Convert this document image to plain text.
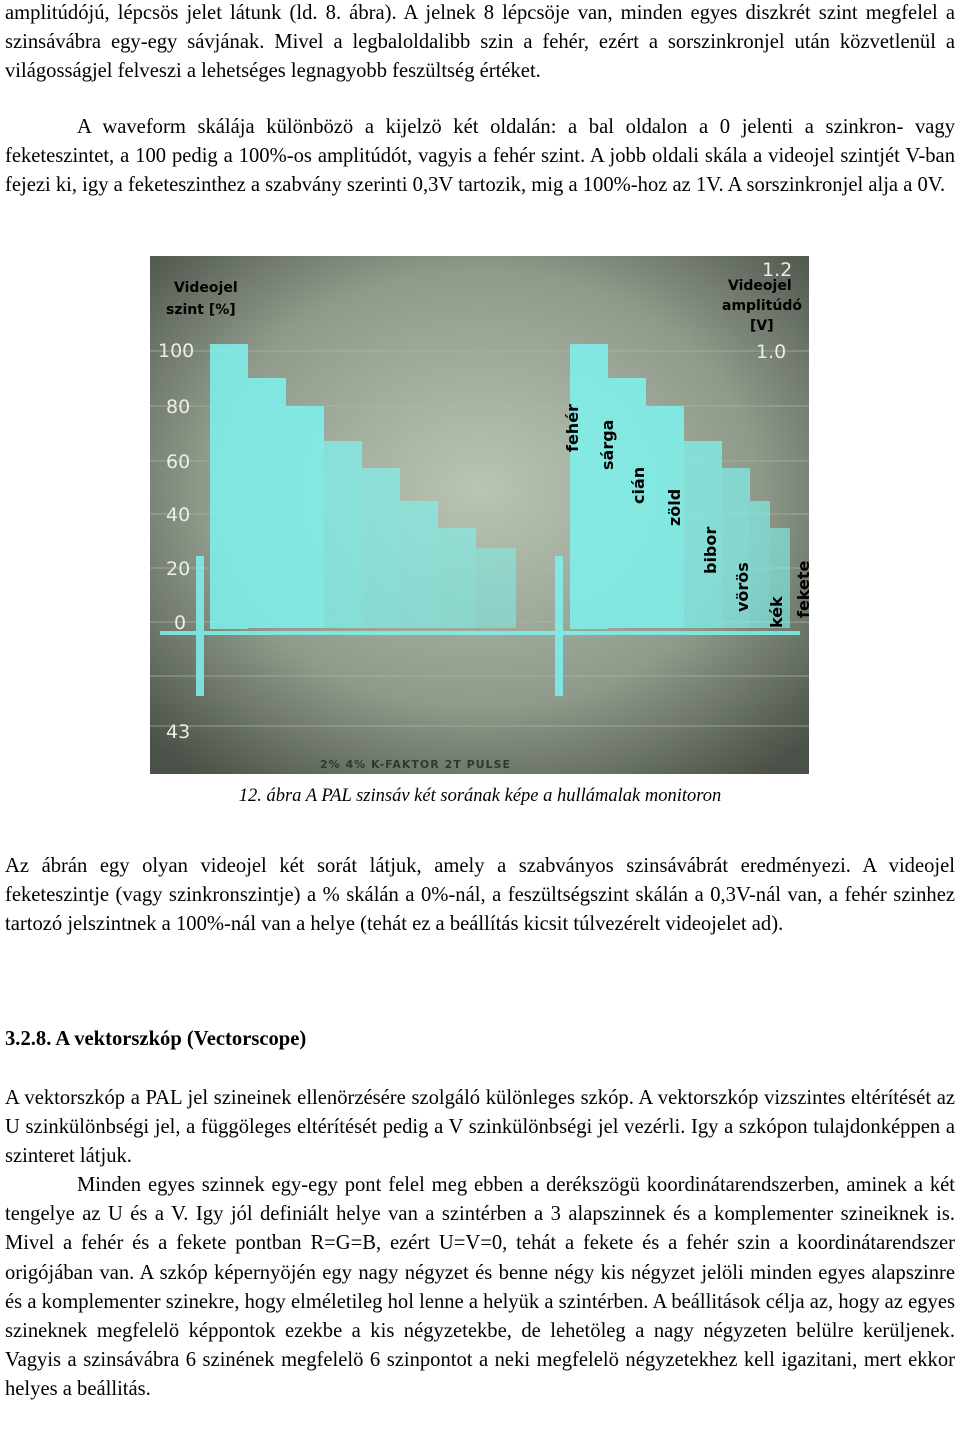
amplitúdójú, lépcsös jelet látunk (ld. 8. ábra). A jelnek 8 lépcsöje van, minden egyes diszkrét szint megfelel a szinsávábra egy-egy sávjának. Mivel a legbaloldalibb szin a fehér, ezért a sorszinkronjel után közvetlenül a világosságjel felveszi a lehetséges legnagyobb feszültség értéket.

A waveform skálája különbözö a kijelzö két oldalán: a bal oldalon a 0 jelenti a szinkron- vagy feketeszintet, a 100 pedig a 100%-os amplitúdót, vagyis a fehér szint. A jobb oldali skála a videojel szintjét V-ban fejezi ki, igy a feketeszinthez a szabvány szerinti 0,3V tartozik, mig a 100%-hoz az 1V. A sorszinkronjel alja a 0V.

Videojel
szint [%]
Videojel
amplitúdó
[V]
100
80
60
40
20
0
43
1.2
1.0
2% 4% K-FAKTOR 2T PULSE
fehér sárga
cián
zöld
bibor
vörös
kék fekete
12. ábra A PAL szinsáv két sorának képe a hullámalak monitoron

Az ábrán egy olyan videojel két sorát látjuk, amely a szabványos szinsávábrát eredményezi. A videojel feketeszintje (vagy szinkronszintje) a % skálán a 0%-nál, a feszültségszint skálán a 0,3V-nál van, a fehér szinhez tartozó jelszintnek a 100%-nál van a helye (tehát ez a beállítás kicsit túlvezérelt videojelet ad).

3.2.8. A vektorszkóp (Vectorscope)

A vektorszkóp a PAL jel szineinek ellenörzésére szolgáló különleges szkóp. A vektorszkóp vizszintes eltérítését az U szinkülönbségi jel, a függöleges eltérítését pedig a V szinkülönbségi jel vezérli. Igy a szkópon tulajdonképpen a szinteret látjuk.

Minden egyes szinnek egy-egy pont felel meg ebben a derékszögü koordinátarendszerben, aminek a két tengelye az U és a V. Igy jól definiált helye van a szintérben a 3 alapszinnek és a komplementer szineiknek is. Mivel a fehér és a fekete pontban R=G=B, ezért U=V=0, tehát a fekete és a fehér szin a koordinátarendszer origójában van. A szkóp képernyöjén egy nagy négyzet és benne négy kis négyzet jelöli minden egyes alapszinre és a komplementer szinekre, hogy elméletileg hol lenne a helyük a szintérben. A beállitások célja az, hogy az egyes szineknek megfelelö képpontok ezekbe a kis négyzetekbe, de lehetöleg a nagy négyzeten belülre kerüljenek. Vagyis a szinsávábra 6 szinének megfelelö 6 szinpontot a neki megfelelö négyzetekhez kell igazitani, mert ekkor helyes a beállitás.
